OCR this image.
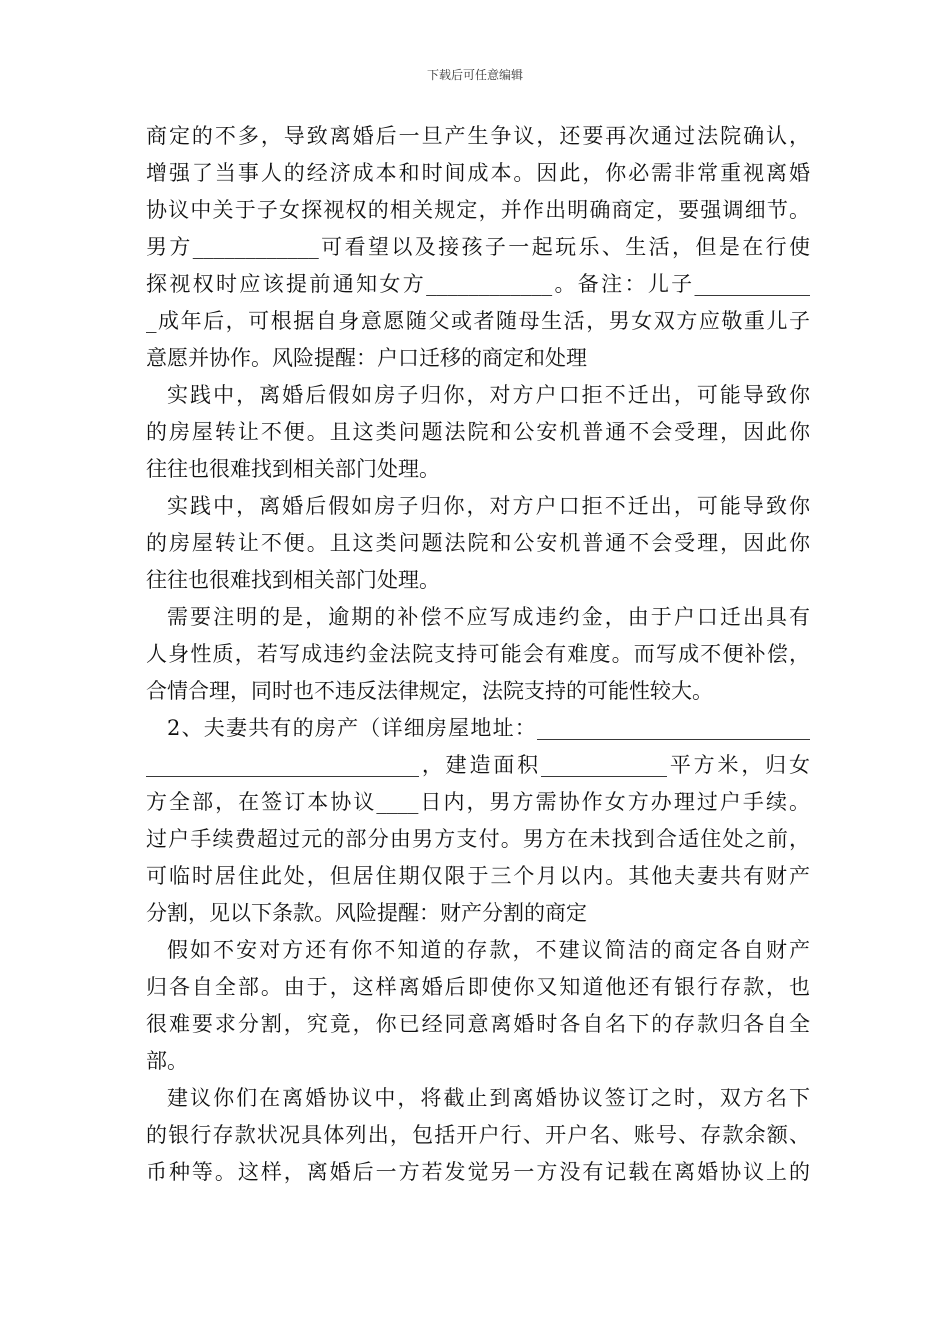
下载后可任意编辑
商定的不多，导致离婚后一旦产生争议，还要再次通过法院确认，
增强了当事人的经济成本和时间成本。因此，你必需非常重视离婚
协议中关于子女探视权的相关规定，并作出明确商定，要强调细节。
男方____________可看望以及接孩子一起玩乐、生活，但是在行使
探视权时应该提前通知女方____________。备注：儿子___________
_成年后，可根据自身意愿随父或者随母生活，男女双方应敬重儿子
意愿并协作。风险提醒：户口迁移的商定和处理
实践中，离婚后假如房子归你，对方户口拒不迁出，可能导致你
的房屋转让不便。且这类问题法院和公安机普通不会受理，因此你
往往也很难找到相关部门处理。
实践中，离婚后假如房子归你，对方户口拒不迁出，可能导致你
的房屋转让不便。且这类问题法院和公安机普通不会受理，因此你
往往也很难找到相关部门处理。
需要注明的是，逾期的补偿不应写成违约金，由于户口迁出具有
人身性质，若写成违约金法院支持可能会有难度。而写成不便补偿，
合情合理，同时也不违反法律规定，法院支持的可能性较大。
2、夫妻共有的房产（详细房屋地址：__________________________
__________________________，建造面积____________平方米，归女
方全部，在签订本协议____日内，男方需协作女方办理过户手续。
过户手续费超过元的部分由男方支付。男方在未找到合适住处之前，
可临时居住此处，但居住期仅限于三个月以内。其他夫妻共有财产
分割，见以下条款。风险提醒：财产分割的商定
假如不安对方还有你不知道的存款，不建议简洁的商定各自财产
归各自全部。由于，这样离婚后即使你又知道他还有银行存款，也
很难要求分割，究竟，你已经同意离婚时各自名下的存款归各自全
部。
建议你们在离婚协议中，将截止到离婚协议签订之时，双方名下
的银行存款状况具体列出，包括开户行、开户名、账号、存款余额、
币种等。这样，离婚后一方若发觉另一方没有记载在离婚协议上的
